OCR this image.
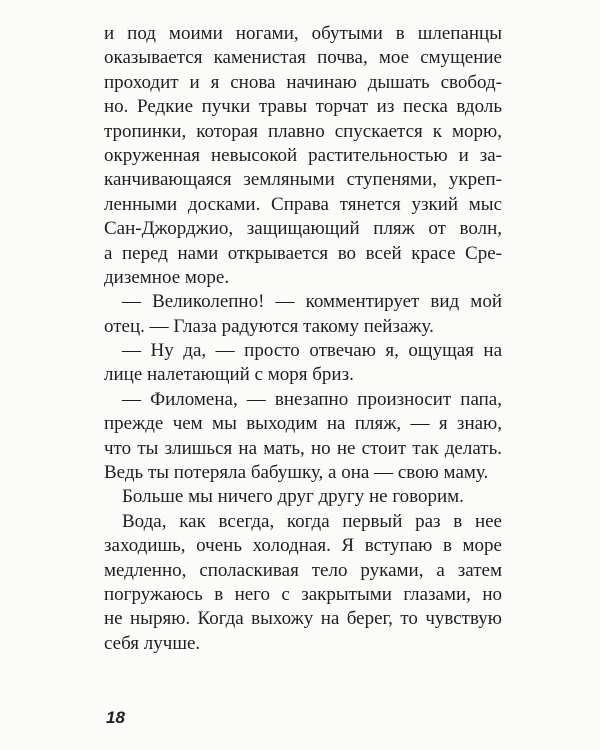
и под моими ногами, обутыми в шлепанцы
оказывается каменистая почва, мое смущение
проходит и я снова начинаю дышать свобод-
но. Редкие пучки травы торчат из песка вдоль
тропинки, которая плавно спускается к морю,
окруженная невысокой растительностью и за-
канчивающаяся земляными ступенями, укреп-
ленными досками. Справа тянется узкий мыс
Сан-Джорджио, защищающий пляж от волн,
а перед нами открывается во всей красе Сре-
диземное море.
— Великолепно! — комментирует вид мой
отец. — Глаза радуются такому пейзажу.
— Ну да, — просто отвечаю я, ощущая на
лице налетающий с моря бриз.
— Филомена, — внезапно произносит папа,
прежде чем мы выходим на пляж, — я знаю,
что ты злишься на мать, но не стоит так делать.
Ведь ты потеряла бабушку, а она — свою маму.
Больше мы ничего друг другу не говорим.
Вода, как всегда, когда первый раз в нее
заходишь, очень холодная. Я вступаю в море
медленно, споласкивая тело руками, а затем
погружаюсь в него с закрытыми глазами, но
не ныряю. Когда выхожу на берег, то чувствую
себя лучше.
18
